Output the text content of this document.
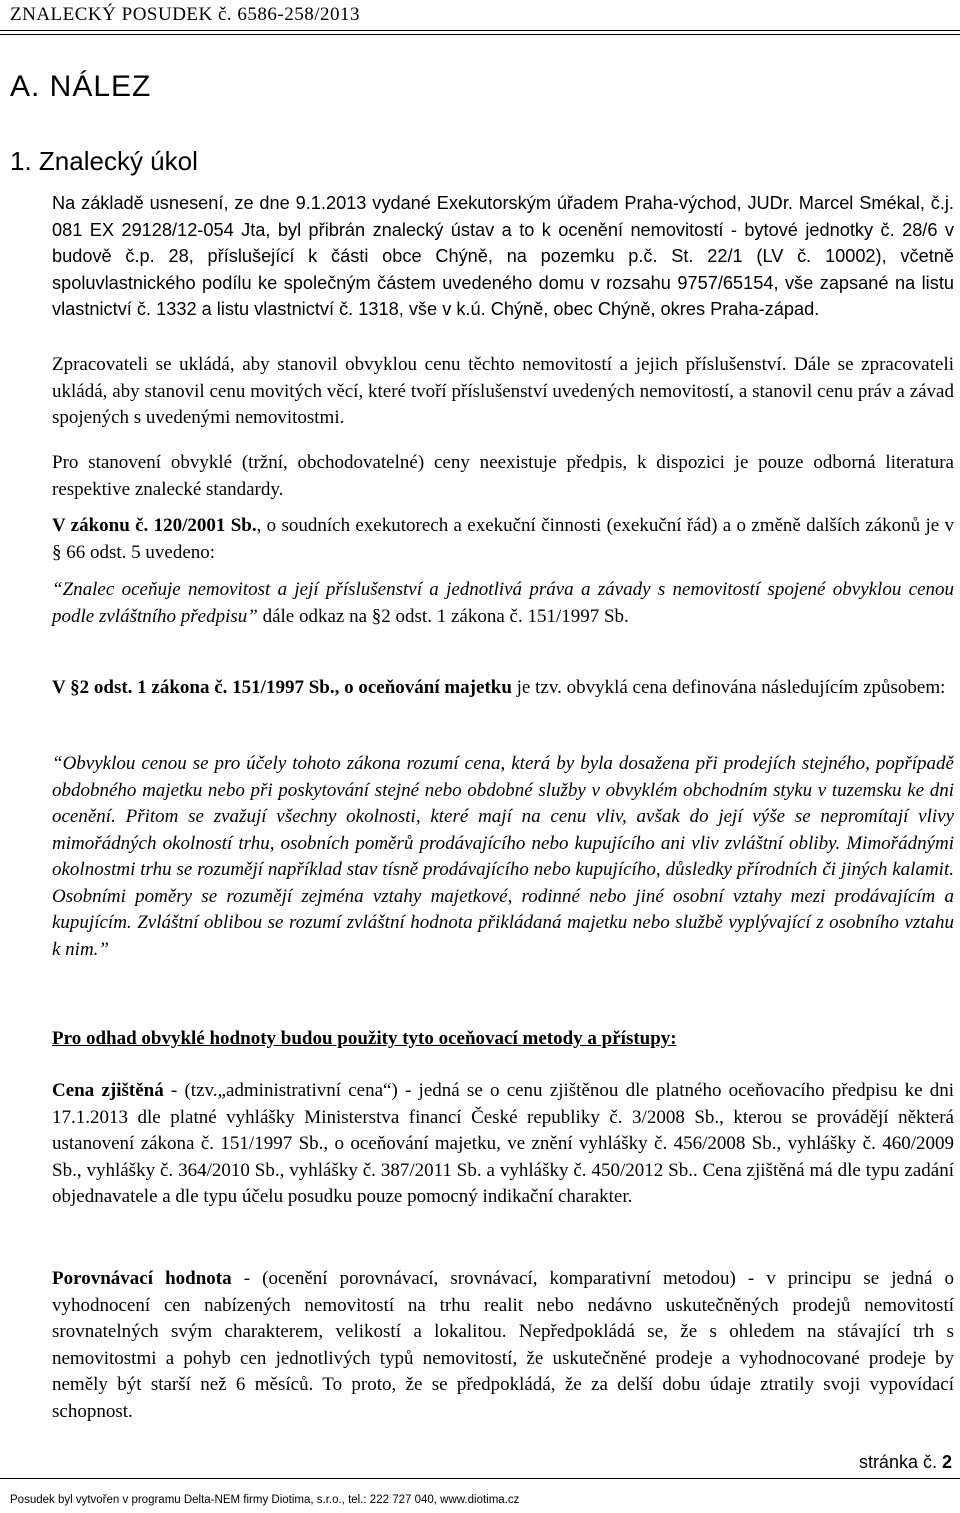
ZNALECKÝ POSUDEK č. 6586-258/2013
A. NÁLEZ
1. Znalecký úkol

Na základě usnesení, ze dne 9.1.2013 vydané Exekutorským úřadem Praha-východ, JUDr. Marcel Smékal, č.j. 081 EX 29128/12-054 Jta, byl přibrán znalecký ústav a to k ocenění nemovitostí - bytové jednotky č. 28/6 v budově č.p. 28, příslušející k části obce Chýně, na pozemku p.č. St. 22/1 (LV č. 10002), včetně spoluvlastnického podílu ke společným částem uvedeného domu v rozsahu 9757/65154, vše zapsané na listu vlastnictví č. 1332 a listu vlastnictví č. 1318, vše v k.ú. Chýně, obec Chýně, okres Praha-západ.

Zpracovateli se ukládá, aby stanovil obvyklou cenu těchto nemovitostí a jejich příslušenství. Dále se zpracovateli ukládá, aby stanovil cenu movitých věcí, které tvoří příslušenství uvedených nemovitostí, a stanovil cenu práv a závad spojených s uvedenými nemovitostmi.

Pro stanovení obvyklé (tržní, obchodovatelné) ceny neexistuje předpis, k dispozici je pouze odborná literatura respektive znalecké standardy.

V zákonu č. 120/2001 Sb., o soudních exekutorech a exekuční činnosti (exekuční řád) a o změně dalších zákonů je v § 66 odst. 5 uvedeno:

“Znalec oceňuje nemovitost a její příslušenství a jednotlivá práva a závady s nemovitostí spojené obvyklou cenou podle zvláštního předpisu” dále odkaz na §2 odst. 1 zákona č. 151/1997 Sb.

V §2 odst. 1 zákona č. 151/1997 Sb., o oceňování majetku je tzv. obvyklá cena definována následujícím způsobem:

“Obvyklou cenou se pro účely tohoto zákona rozumí cena, která by byla dosažena při prodejích stejného, popřípadě obdobného majetku nebo při poskytování stejné nebo obdobné služby v obvyklém obchodním styku v tuzemsku ke dni ocenění. Přitom se zvažují všechny okolnosti, které mají na cenu vliv, avšak do její výše se nepromítají vlivy mimořádných okolností trhu, osobních poměrů prodávajícího nebo kupujícího ani vliv zvláštní obliby. Mimořádnými okolnostmi trhu se rozumějí například stav tísně prodávajícího nebo kupujícího, důsledky přírodních či jiných kalamit. Osobními poměry se rozumějí zejména vztahy majetkové, rodinné nebo jiné osobní vztahy mezi prodávajícím a kupujícím. Zvláštní oblibou se rozumí zvláštní hodnota přikládaná majetku nebo službě vyplývající z osobního vztahu k nim.”

Pro odhad obvyklé hodnoty budou použity tyto oceňovací metody a přístupy:

Cena zjištěná - (tzv.„administrativní cena“) - jedná se o cenu zjištěnou dle platného oceňovacího předpisu ke dni 17.1.2013 dle platné vyhlášky Ministerstva financí České republiky č. 3/2008 Sb., kterou se provádějí některá ustanovení zákona č. 151/1997 Sb., o oceňování majetku, ve znění vyhlášky č. 456/2008 Sb., vyhlášky č. 460/2009 Sb., vyhlášky č. 364/2010 Sb., vyhlášky č. 387/2011 Sb. a vyhlášky č. 450/2012 Sb.. Cena zjištěná má dle typu zadání objednavatele a dle typu účelu posudku pouze pomocný indikační charakter.

Porovnávací hodnota - (ocenění porovnávací, srovnávací, komparativní metodou) - v principu se jedná o vyhodnocení cen nabízených nemovitostí na trhu realit nebo nedávno uskutečněných prodejů nemovitostí srovnatelných svým charakterem, velikostí a lokalitou. Nepředpokládá se, že s ohledem na stávající trh s nemovitostmi a pohyb cen jednotlivých typů nemovitostí, že uskutečněné prodeje a vyhodnocované prodeje by neměly být starší než 6 měsíců. To proto, že se předpokládá, že za delší dobu údaje ztratily svoji vypovídací schopnost.

stránka č. 2
Posudek byl vytvořen v programu Delta-NEM firmy Diotima, s.r.o., tel.: 222 727 040, www.diotima.cz
